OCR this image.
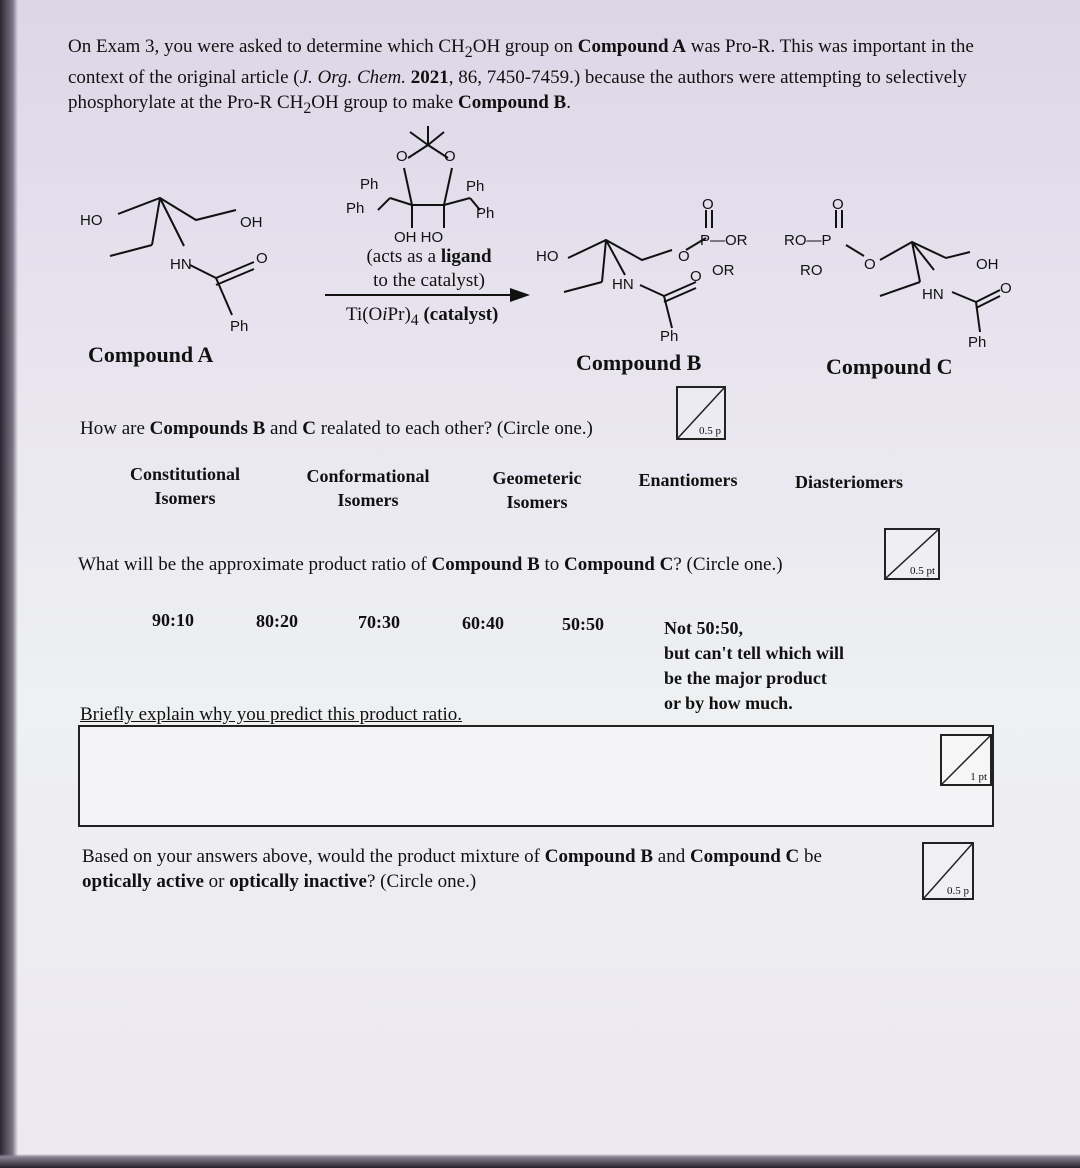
On Exam 3, you were asked to determine which $CH_2OH$ group on Compound A was Pro-R. This was important in the context of the original article (J. Org. Chem. 2021, 86, 7450-7459.) because the authors were attempting to selectively phosphorylate at the Pro-R $CH_2OH$ group to make Compound B.
HO	OH
HN	O
Ph
Compound A
O O
Ph	Ph
Ph	Ph
OH HO
(acts as a ligand
to the catalyst)
$Ti(OiPr)_4$ (catalyst)
HO
HN	O
Ph
O
O
P—OR
OR
Compound B
O
RO—P
RO	O	OH
HN	O
Ph
Compound C
How are Compounds B and C realated to each other? (Circle one.)	0.5 p
Constitutional
Isomers
Conformational
Isomers
Geometeric
Isomers
Enantiomers	Diasteriomers
What will be the approximate product ratio of Compound B to Compound C? (Circle one.)	0.5 pt
90:10	80:20	70:30	60:40	50:50	Not 50:50,
but can't tell which will
be the major product
or by how much.
Briefly explain why you predict this product ratio.
1 pt
Based on your answers above, would the product mixture of Compound B and Compound C be
optically active or optically inactive? (Circle one.)	0.5 p
